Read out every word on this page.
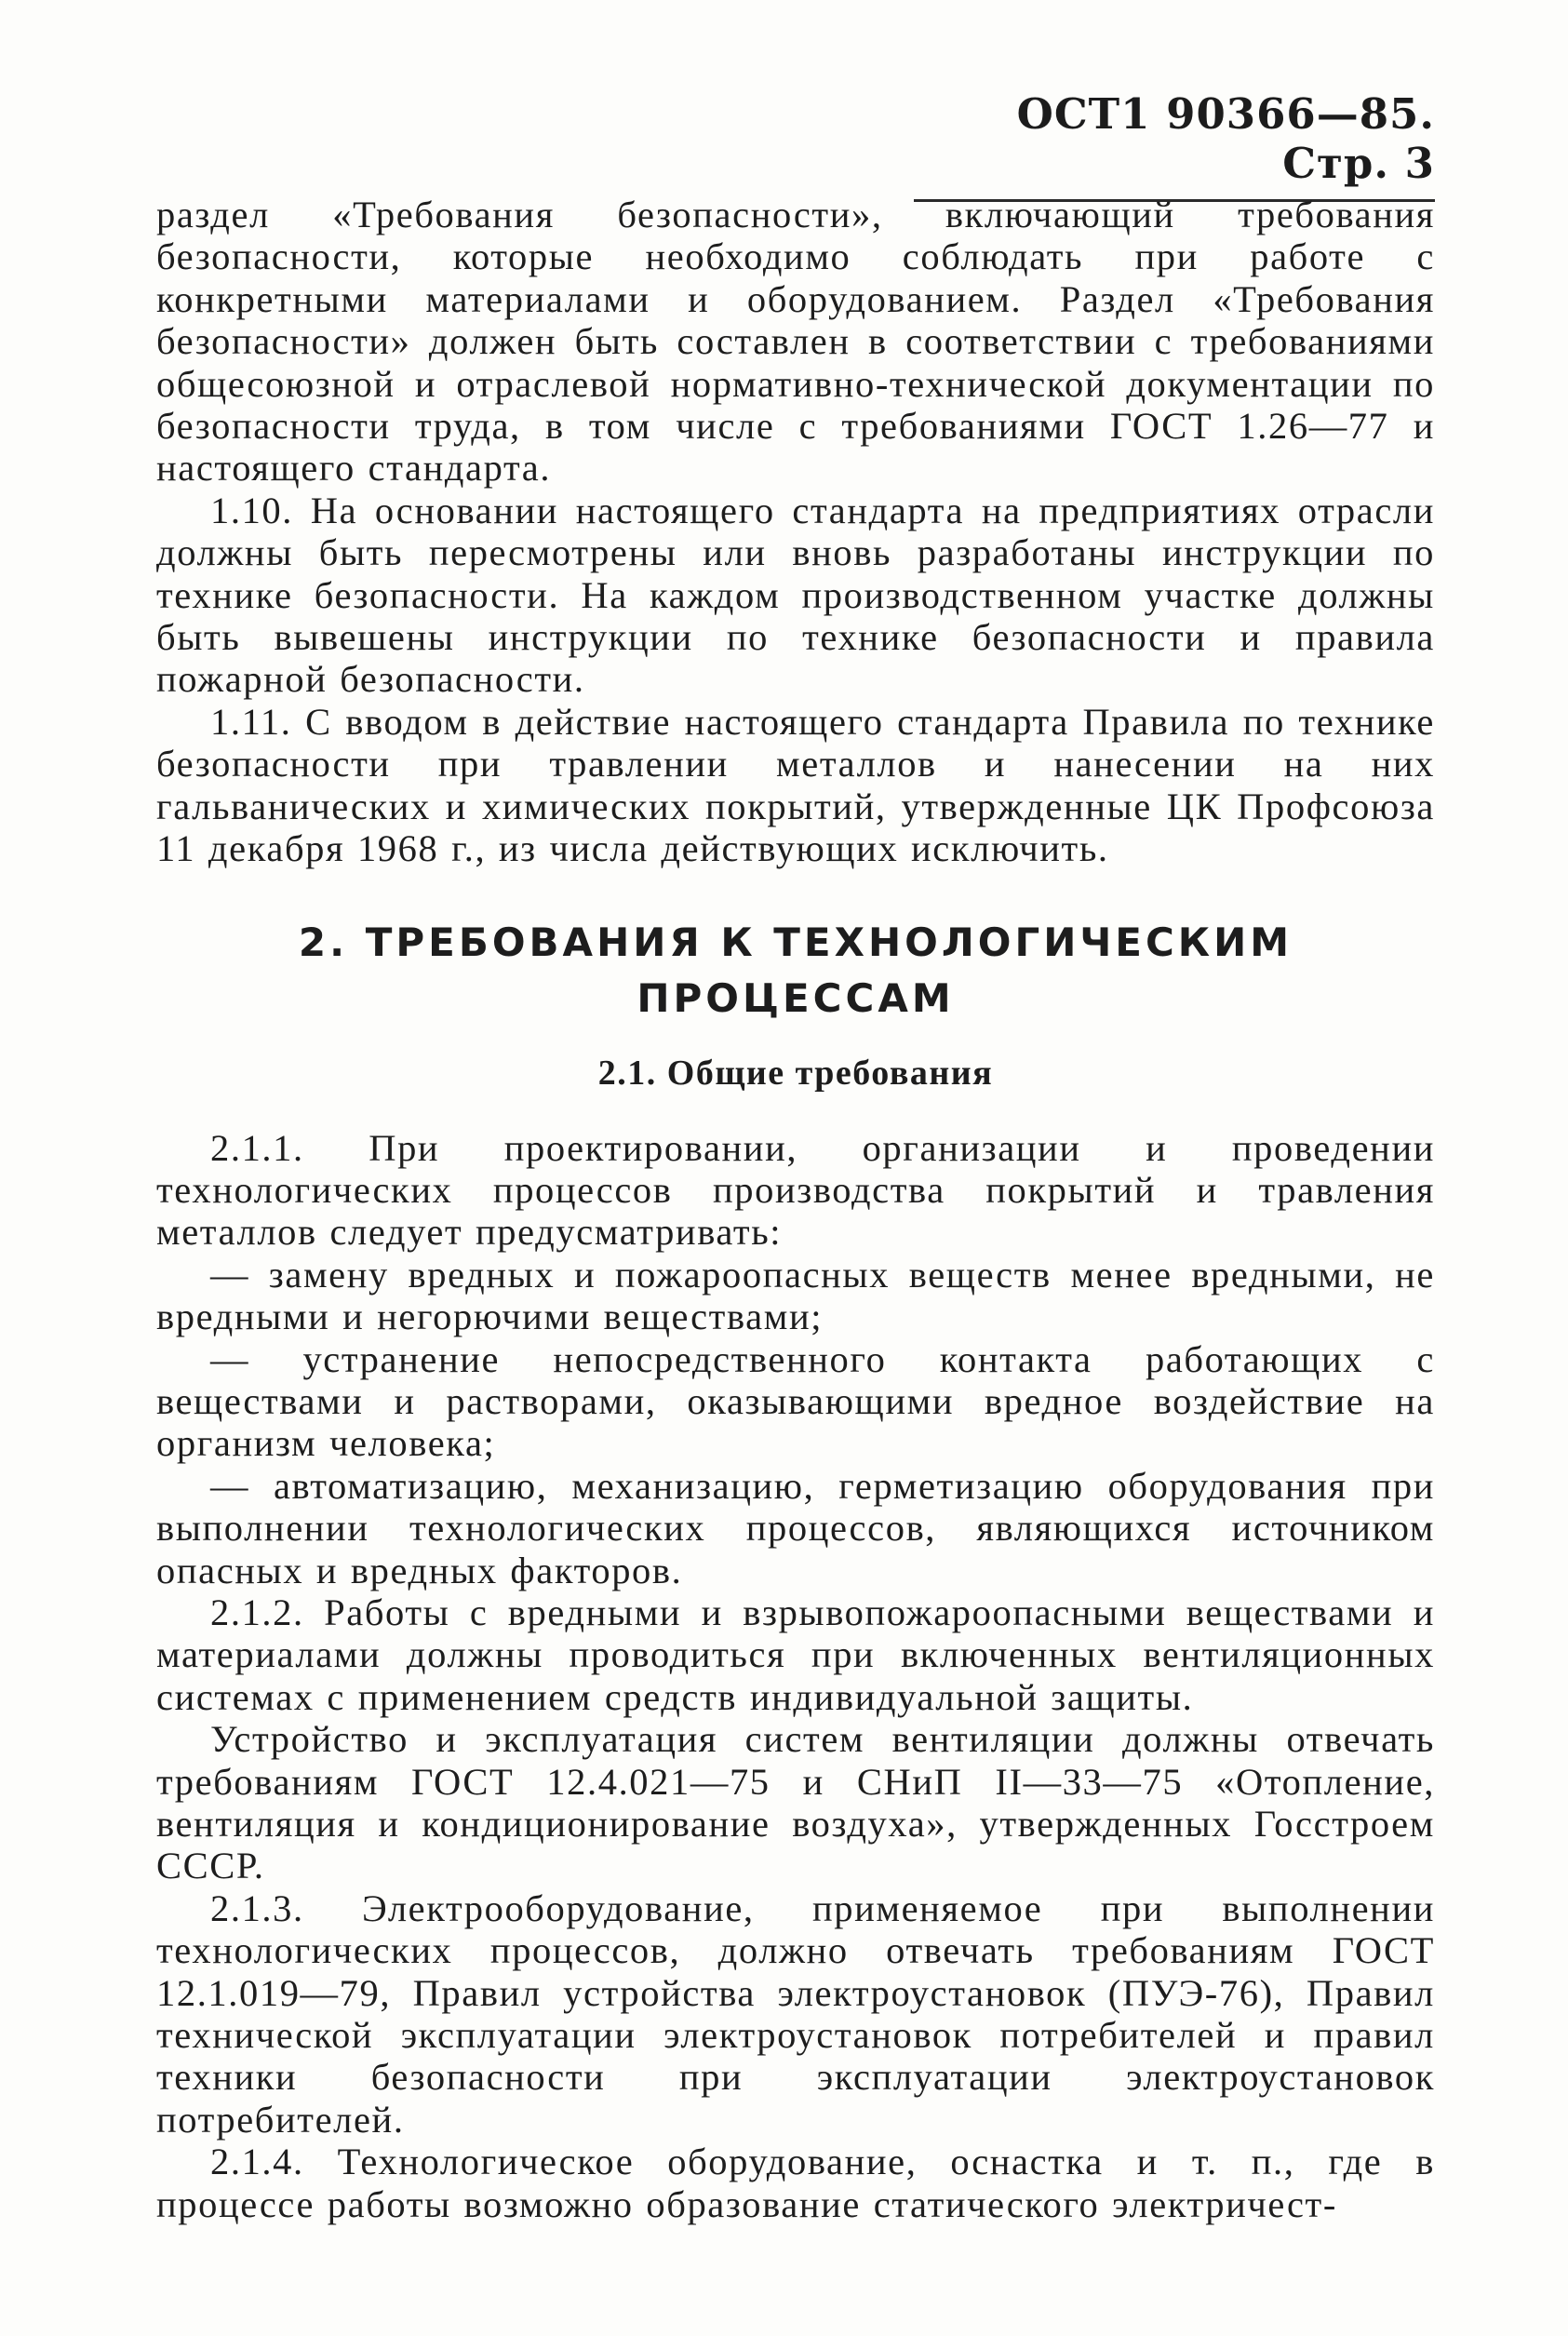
ОСТ1 90366—85. Стр. 3

раздел «Требования безопасности», включающий требования безопасности, которые необходимо соблюдать при работе с конкретными материалами и оборудованием. Раздел «Требования безопасности» должен быть составлен в соответствии с требованиями общесоюзной и отраслевой нормативно-технической документации по безопасности труда, в том числе с требованиями ГОСТ 1.26—77 и настоящего стандарта.

1.10. На основании настоящего стандарта на предприятиях отрасли должны быть пересмотрены или вновь разработаны инструкции по технике безопасности. На каждом производственном участке должны быть вывешены инструкции по технике безопасности и правила пожарной безопасности.

1.11. С вводом в действие настоящего стандарта Правила по технике безопасности при травлении металлов и нанесении на них гальванических и химических покрытий, утвержденные ЦК Профсоюза 11 декабря 1968 г., из числа действующих исключить.

2. ТРЕБОВАНИЯ К ТЕХНОЛОГИЧЕСКИМ ПРОЦЕССАМ
2.1. Общие требования

2.1.1. При проектировании, организации и проведении технологических процессов производства покрытий и травления металлов следует предусматривать:

— замену вредных и пожароопасных веществ менее вредными, не вредными и негорючими веществами;

— устранение непосредственного контакта работающих с веществами и растворами, оказывающими вредное воздействие на организм человека;

— автоматизацию, механизацию, герметизацию оборудования при выполнении технологических процессов, являющихся источником опасных и вредных факторов.

2.1.2. Работы с вредными и взрывопожароопасными веществами и материалами должны проводиться при включенных вентиляционных системах с применением средств индивидуальной защиты.

Устройство и эксплуатация систем вентиляции должны отвечать требованиям ГОСТ 12.4.021—75 и СНиП II—33—75 «Отопление, вентиляция и кондиционирование воздуха», утвержденных Госстроем СССР.

2.1.3. Электрооборудование, применяемое при выполнении технологических процессов, должно отвечать требованиям ГОСТ 12.1.019—79, Правил устройства электроустановок (ПУЭ-76), Правил технической эксплуатации электроустановок потребителей и правил техники безопасности при эксплуатации электроустановок потребителей.

2.1.4. Технологическое оборудование, оснастка и т. п., где в процессе работы возможно образование статического электричест-
